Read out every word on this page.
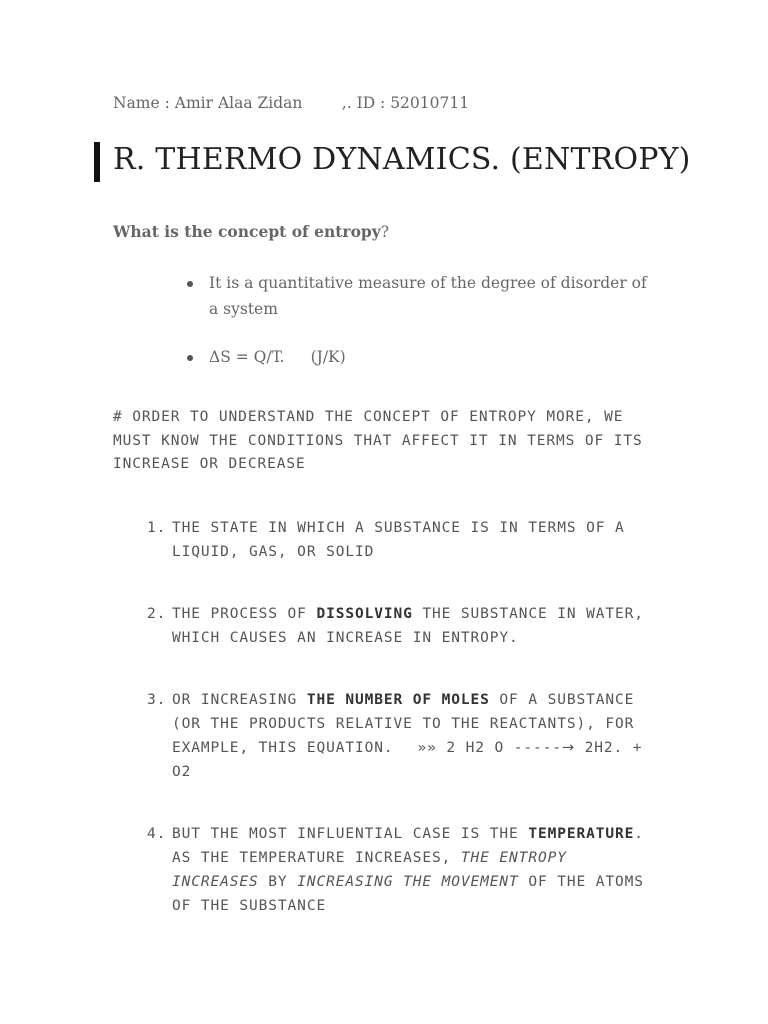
Name : Amir Alaa Zidan        ,. ID : 52010711
R. THERMO DYNAMICS. (ENTROPY)
What is the concept of entropy?
It is a quantitative measure of the degree of disorder of a system
ΔS = Q/T. (J/K)
# ORDER TO UNDERSTAND THE CONCEPT OF ENTROPY MORE, WE MUST KNOW THE CONDITIONS THAT AFFECT IT IN TERMS OF ITS INCREASE OR DECREASE
1. THE STATE IN WHICH A SUBSTANCE IS IN TERMS OF A LIQUID, GAS, OR SOLID
2. THE PROCESS OF DISSOLVING THE SUBSTANCE IN WATER, WHICH CAUSES AN INCREASE IN ENTROPY.
3. OR INCREASING THE NUMBER OF MOLES OF A SUBSTANCE (OR THE PRODUCTS RELATIVE TO THE REACTANTS), FOR EXAMPLE, THIS EQUATION. »» 2 H2 O -----→ 2H2. + O2
4. BUT THE MOST INFLUENTIAL CASE IS THE TEMPERATURE. AS THE TEMPERATURE INCREASES, THE ENTROPY INCREASES BY INCREASING THE MOVEMENT OF THE ATOMS OF THE SUBSTANCE
